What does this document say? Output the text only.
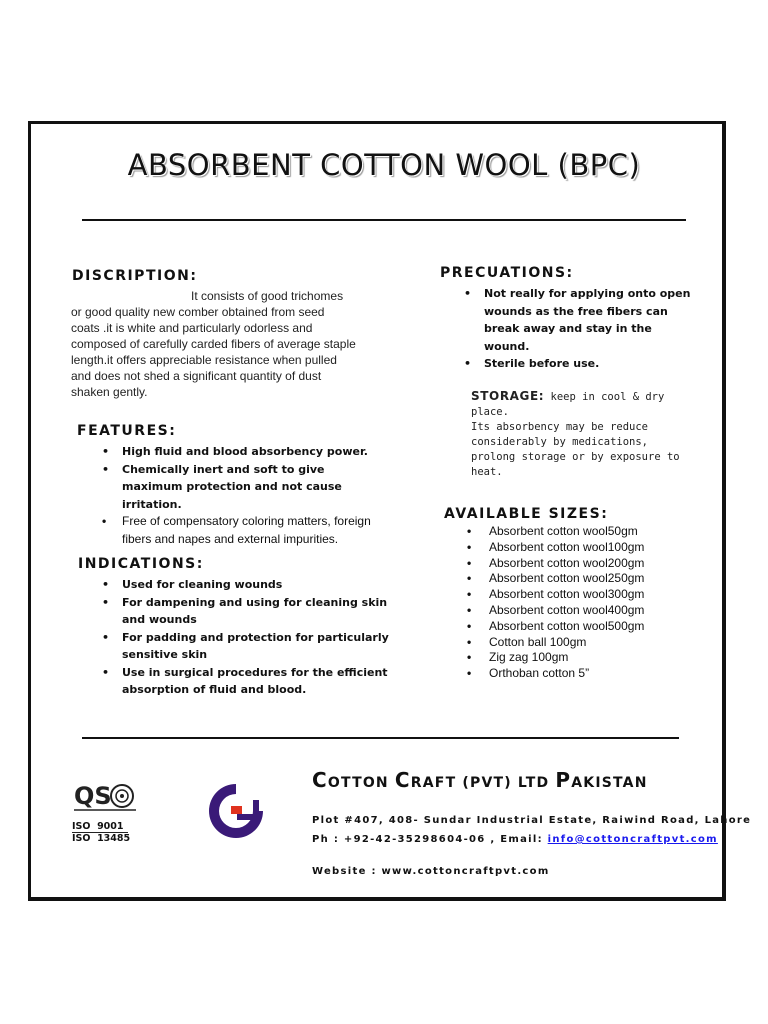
ABSORBENT COTTON WOOL (BPC)
DISCRIPTION:
It consists of good trichomes or good quality new comber obtained from seed coats .it is white and particularly odorless and composed of carefully carded fibers of average staple length.it offers appreciable resistance when pulled and does not shed a significant quantity of dust shaken gently.
FEATURES:
• High fluid and blood absorbency power.
• Chemically inert and soft to give maximum protection and not cause irritation.
• Free of compensatory coloring matters, foreign fibers and napes and external impurities.
INDICATIONS:
• Used for cleaning wounds
• For dampening and using for cleaning skin and wounds
• For padding and protection for particularly sensitive skin
• Use in surgical procedures for the efficient absorption of fluid and blood.
PRECUATIONS:
• Not really for applying onto open wounds as the free fibers can break away and stay in the wound.
• Sterile before use.
STORAGE: keep in cool & dry place.
Its absorbency may be reduce considerably by medications, prolong storage or by exposure to heat.
AVAILABLE SIZES:
• Absorbent cotton wool50gm
• Absorbent cotton wool100gm
• Absorbent cotton wool200gm
• Absorbent cotton wool250gm
• Absorbent cotton wool300gm
• Absorbent cotton wool400gm
• Absorbent cotton wool500gm
• Cotton ball 100gm
• Zig zag 100gm
• Orthoban cotton 5”
QS
ISO  9001
ISO  13485
COTTON CRAFT (PVT) LTD PAKISTAN
Plot #407, 408- Sundar Industrial Estate, Raiwind Road, Lahore
Ph : +92-42-35298604-06 , Email: info@cottoncraftpvt.com
Website : www.cottoncraftpvt.com
